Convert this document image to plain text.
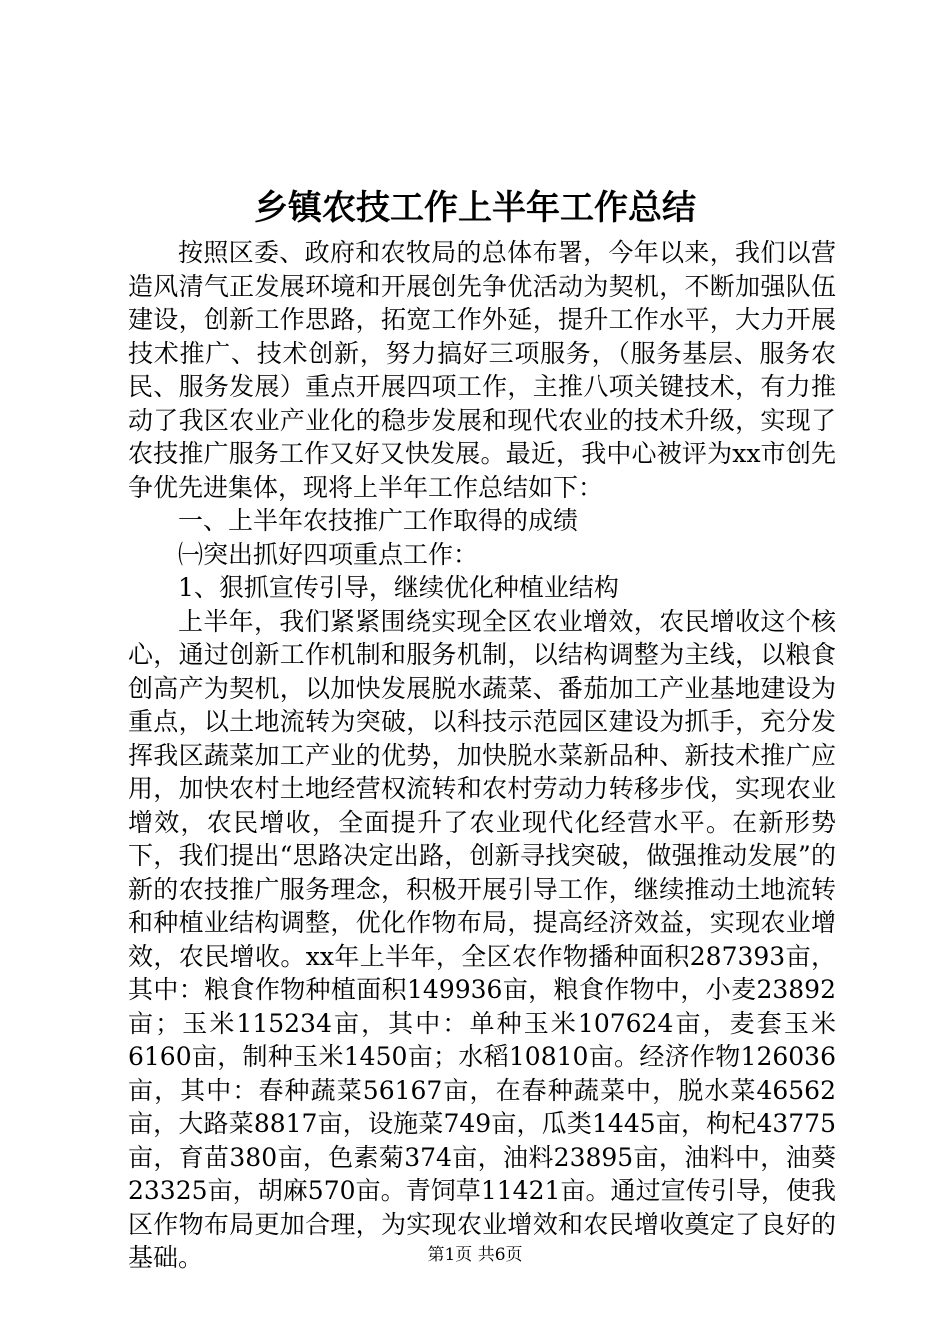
乡镇农技工作上半年工作总结

按照区委、政府和农牧局的总体布署，今年以来，我们以营造风清气正发展环境和开展创先争优活动为契机，不断加强队伍建设，创新工作思路，拓宽工作外延，提升工作水平，大力开展技术推广、技术创新，努力搞好三项服务，（服务基层、服务农民、服务发展）重点开展四项工作，主推八项关键技术，有力推动了我区农业产业化的稳步发展和现代农业的技术升级，实现了农技推广服务工作又好又快发展。最近，我中心被评为xx市创先争优先进集体，现将上半年工作总结如下：

一、上半年农技推广工作取得的成绩

㈠突出抓好四项重点工作：

1、狠抓宣传引导，继续优化种植业结构

上半年，我们紧紧围绕实现全区农业增效，农民增收这个核心，通过创新工作机制和服务机制，以结构调整为主线，以粮食创高产为契机，以加快发展脱水蔬菜、番茄加工产业基地建设为重点，以土地流转为突破，以科技示范园区建设为抓手，充分发挥我区蔬菜加工产业的优势，加快脱水菜新品种、新技术推广应用，加快农村土地经营权流转和农村劳动力转移步伐，实现农业增效，农民增收，全面提升了农业现代化经营水平。在新形势下，我们提出“思路决定出路，创新寻找突破，做强推动发展”的新的农技推广服务理念，积极开展引导工作，继续推动土地流转和种植业结构调整，优化作物布局，提高经济效益，实现农业增效，农民增收。xx年上半年，全区农作物播种面积287393亩，其中：粮食作物种植面积149936亩，粮食作物中，小麦23892亩；玉米115234亩，其中：单种玉米107624亩，麦套玉米6160亩，制种玉米1450亩；水稻10810亩。经济作物126036亩，其中：春种蔬菜56167亩，在春种蔬菜中，脱水菜46562亩，大路菜8817亩，设施菜749亩，瓜类1445亩，枸杞43775亩，育苗380亩，色素菊374亩，油料23895亩，油料中，油葵23325亩，胡麻570亩。青饲草11421亩。通过宣传引导，使我区作物布局更加合理，为实现农业增效和农民增收奠定了良好的基础。	第1页 共6页
